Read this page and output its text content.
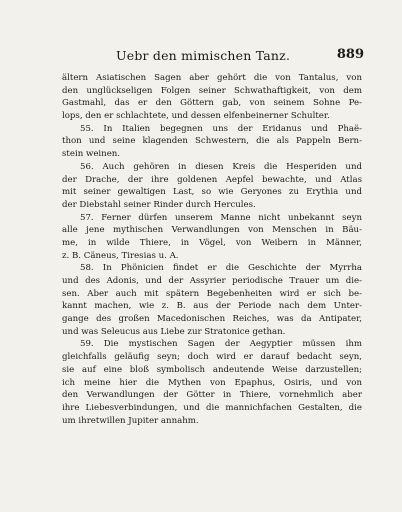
Uebr den mimischen Tanz.	889
ältern Asiatischen Sagen aber gehört die von Tantalus, von
den unglückseligen Folgen seiner Schwathaftigkeit, von dem
Gastmahl, das er den Göttern gab, von seinem Sohne Pe-
lops, den er schlachtete, und dessen elfenbeinerner Schulter.
55. In Italien begegnen uns der Eridanus und Phaë-
thon und seine klagenden Schwestern, die als Pappeln Bern-
stein weinen.
56. Auch gehören in diesen Kreis die Hesperiden und
der Drache, der ihre goldenen Aepfel bewachte, und Atlas
mit seiner gewaltigen Last, so wie Geryones zu Erythia und
der Diebstahl seiner Rinder durch Hercules.
57. Ferner dürfen unserem Manne nicht unbekannt seyn
alle jene mythischen Verwandlungen von Menschen in Bäu-
me, in wilde Thiere, in Vögel, von Weibern in Männer,
z. B. Cäneus, Tiresias u. A.
58. In Phönicien findet er die Geschichte der Myrrha
und des Adonis, und der Assyrier periodische Trauer um die-
sen. Aber auch mit spätern Begebenheiten wird er sich be-
kannt machen, wie z. B. aus der Periode nach dem Unter-
gange des großen Macedonischen Reiches, was da Antipater,
und was Seleucus aus Liebe zur Stratonice gethan.
59. Die mystischen Sagen der Aegyptier müssen ihm
gleichfalls geläufig seyn; doch wird er darauf bedacht seyn,
sie auf eine bloß symbolisch andeutende Weise darzustellen;
ich meine hier die Mythen von Epaphus, Osiris, und von
den Verwandlungen der Götter in Thiere, vornehmlich aber
ihre Liebesverbindungen, und die mannichfachen Gestalten, die
um ihretwillen Jupiter annahm.
